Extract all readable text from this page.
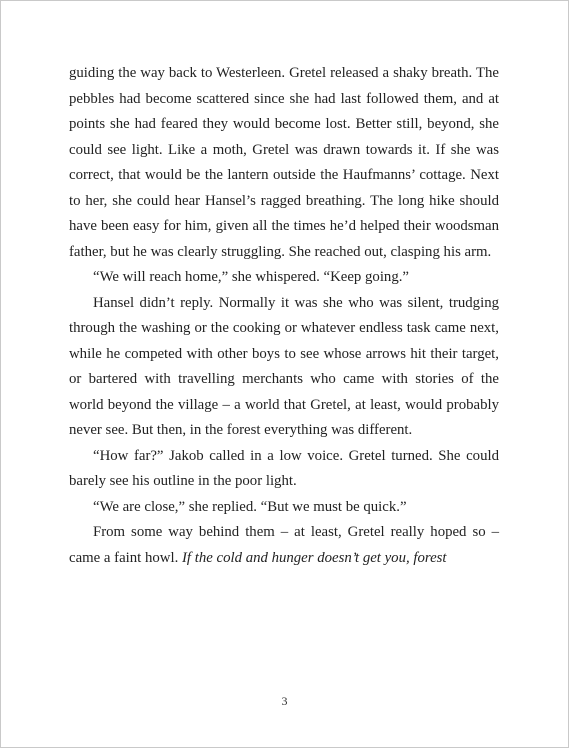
guiding the way back to Westerleen. Gretel released a shaky breath. The pebbles had become scattered since she had last followed them, and at points she had feared they would become lost. Better still, beyond, she could see light. Like a moth, Gretel was drawn towards it. If she was correct, that would be the lantern outside the Haufmanns’ cottage. Next to her, she could hear Hansel’s ragged breathing. The long hike should have been easy for him, given all the times he’d helped their woodsman father, but he was clearly struggling. She reached out, clasping his arm.

“We will reach home,” she whispered. “Keep going.”

Hansel didn’t reply. Normally it was she who was silent, trudging through the washing or the cooking or whatever endless task came next, while he competed with other boys to see whose arrows hit their target, or bartered with travelling merchants who came with stories of the world beyond the village – a world that Gretel, at least, would probably never see. But then, in the forest everything was different.

“How far?” Jakob called in a low voice. Gretel turned. She could barely see his outline in the poor light.

“We are close,” she replied. “But we must be quick.”

From some way behind them – at least, Gretel really hoped so – came a faint howl. If the cold and hunger doesn’t get you, forest

3
